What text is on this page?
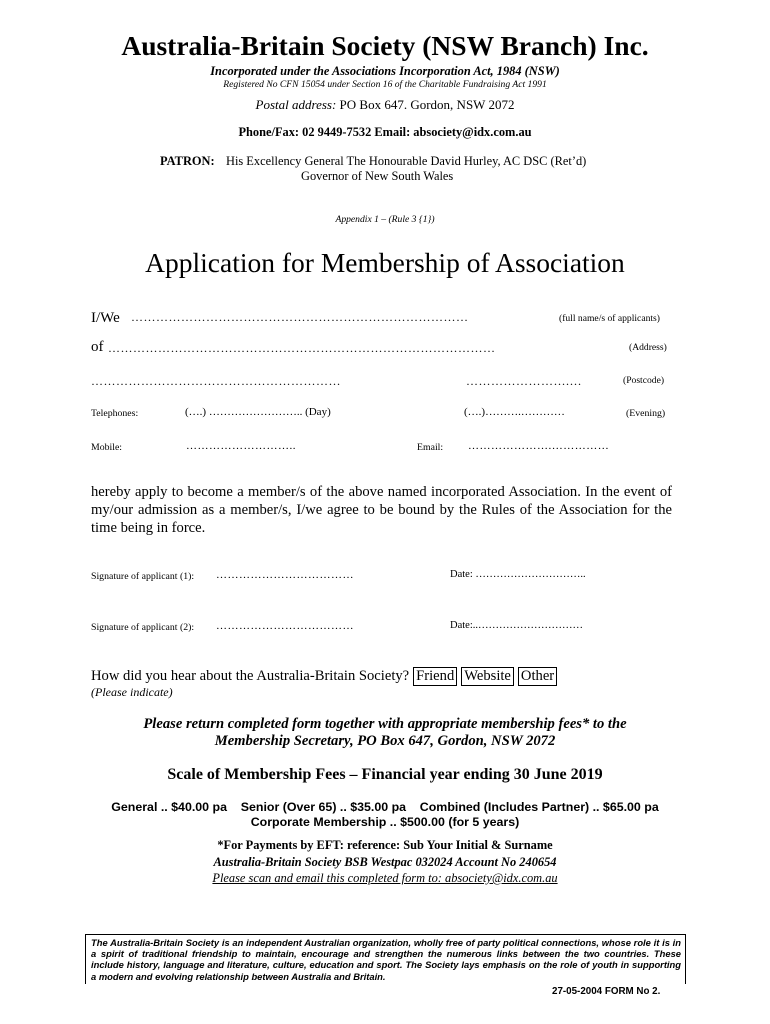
Australia-Britain Society (NSW Branch) Inc.
Incorporated under the Associations Incorporation Act, 1984 (NSW)
Registered No CFN 15054 under Section 16 of the Charitable Fundraising Act 1991
Postal address: PO Box 647. Gordon, NSW 2072
Phone/Fax: 02 9449-7532 Email: absociety@idx.com.au
PATRON: His Excellency General The Honourable David Hurley, AC DSC (Ret’d)
Governor of New South Wales
Appendix 1 – (Rule 3 {1})
Application for Membership of Association
I/We ………………………………………………………………………	(full name/s of applicants)
of …………………………………………………………………………………	(Address)
……………………………………………………	…………………….…	(Postcode)
Telephones:	(….) …………………….. (Day)	(….)……….…………	(Evening)
Mobile:	………………………..	Email: ………………….……………
hereby apply to become a member/s of the above named incorporated Association. In the event of my/our admission as a member/s, I/we agree to be bound by the Rules of the Association for the time being in force.
Signature of applicant (1): ………………………………	Date: …………………………..
Signature of applicant (2): ………………………………	Date:..…………………………
How did you hear about the Australia-Britain Society? Friend Website Other
(Please indicate)
Please return completed form together with appropriate membership fees* to the
Membership Secretary, PO Box 647, Gordon, NSW 2072
Scale of Membership Fees – Financial year ending 30 June 2019
General .. $40.00 pa    Senior (Over 65) .. $35.00 pa    Combined (Includes Partner) .. $65.00 pa
Corporate Membership .. $500.00 (for 5 years)
*For Payments by EFT: reference: Sub Your Initial & Surname
Australia-Britain Society BSB Westpac 032024 Account No 240654
Please scan and email this completed form to: absociety@idx.com.au
The Australia-Britain Society is an independent Australian organization, wholly free of party political connections, whose role it is in a spirit of traditional friendship to maintain, encourage and strengthen the numerous links between the two countries. These include history, language and literature, culture, education and sport. The Society lays emphasis on the role of youth in supporting a modern and evolving relationship between Australia and Britain.
27-05-2004 FORM No 2.
